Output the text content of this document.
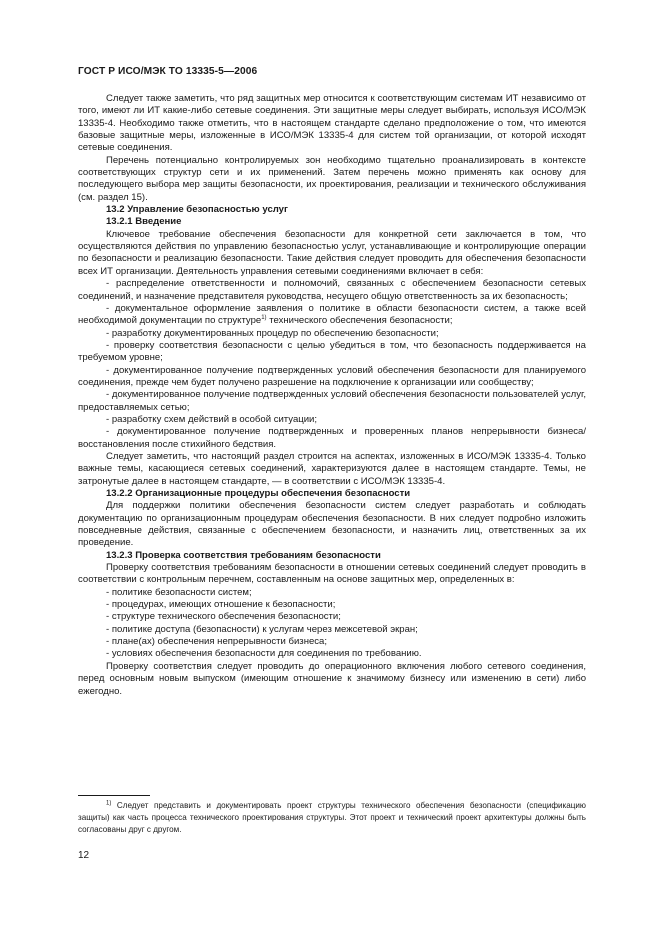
ГОСТ Р ИСО/МЭК ТО 13335-5—2006

Следует также заметить, что ряд защитных мер относится к соответствующим системам ИТ независимо от того, имеют ли ИТ какие-либо сетевые соединения. Эти защитные меры следует выбирать, используя ИСО/МЭК 13335-4. Необходимо также отметить, что в настоящем стандарте сделано предположение о том, что имеются базовые защитные меры, изложенные в ИСО/МЭК 13335-4 для систем той организации, от которой исходят сетевые соединения.

Перечень потенциально контролируемых зон необходимо тщательно проанализировать в контексте соответствующих структур сети и их применений. Затем перечень можно применять как основу для последующего выбора мер защиты безопасности, их проектирования, реализации и технического обслуживания (см. раздел 15).

13.2 Управление безопасностью услуг
13.2.1 Введение

Ключевое требование обеспечения безопасности для конкретной сети заключается в том, что осуществляются действия по управлению безопасностью услуг, устанавливающие и контролирующие операции по безопасности и реализацию безопасности. Такие действия следует проводить для обеспечения безопасности всех ИТ организации. Деятельность управления сетевыми соединениями включает в себя:

- распределение ответственности и полномочий, связанных с обеспечением безопасности сетевых соединений, и назначение представителя руководства, несущего общую ответственность за их безопасность;

- документальное оформление заявления о политике в области безопасности систем, а также всей необходимой документации по структуре$^{1)}$ технического обеспечения безопасности;

- разработку документированных процедур по обеспечению безопасности;

- проверку соответствия безопасности с целью убедиться в том, что безопасность поддерживается на требуемом уровне;

- документированное получение подтвержденных условий обеспечения безопасности для планируемого соединения, прежде чем будет получено разрешение на подключение к организации или сообществу;

- документированное получение подтвержденных условий обеспечения безопасности пользователей услуг, предоставляемых сетью;

- разработку схем действий в особой ситуации;

- документированное получение подтвержденных и проверенных планов непрерывности бизнеса/восстановления после стихийного бедствия.

Следует заметить, что настоящий раздел строится на аспектах, изложенных в ИСО/МЭК 13335-4. Только важные темы, касающиеся сетевых соединений, характеризуются далее в настоящем стандарте. Темы, не затронутые далее в настоящем стандарте, — в соответствии с ИСО/МЭК 13335-4.

13.2.2 Организационные процедуры обеспечения безопасности

Для поддержки политики обеспечения безопасности систем следует разработать и соблюдать документацию по организационным процедурам обеспечения безопасности. В них следует подробно изложить повседневные действия, связанные с обеспечением безопасности, и назначить лиц, ответственных за их проведение.

13.2.3 Проверка соответствия требованиям безопасности

Проверку соответствия требованиям безопасности в отношении сетевых соединений следует проводить в соответствии с контрольным перечнем, составленным на основе защитных мер, определенных в:

- политике безопасности систем;

- процедурах, имеющих отношение к безопасности;

- структуре технического обеспечения безопасности;

- политике доступа (безопасности) к услугам через межсетевой экран;

- плане(ах) обеспечения непрерывности бизнеса;

- условиях обеспечения безопасности для соединения по требованию.

Проверку соответствия следует проводить до операционного включения любого сетевого соединения, перед основным новым выпуском (имеющим отношение к значимому бизнесу или изменению в сети) либо ежегодно.

$^{1)}$ Следует представить и документировать проект структуры технического обеспечения безопасности (спецификацию защиты) как часть процесса технического проектирования структуры. Этот проект и технический проект архитектуры должны быть согласованы друг с другом.

12
